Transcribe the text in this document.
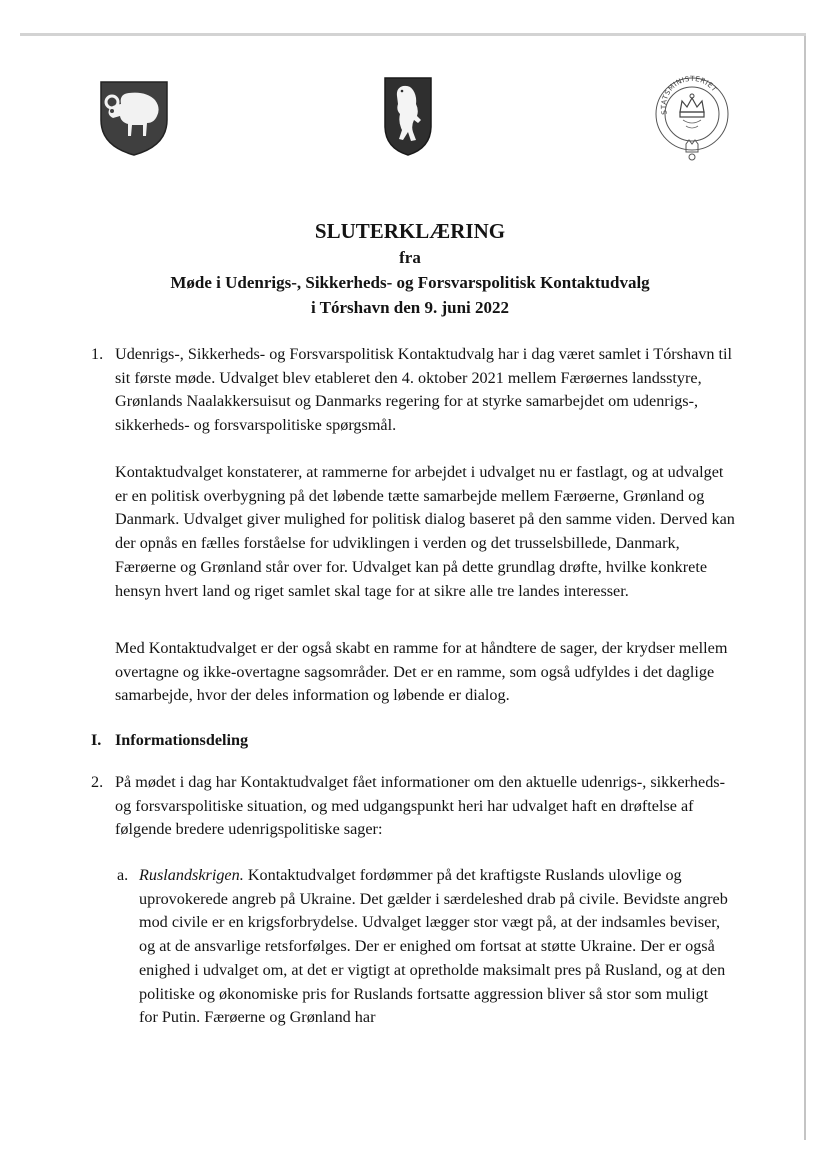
STATSMINISTERIET
SLUTERKLÆRING
fra
Møde i Udenrigs-, Sikkerheds- og Forsvarspolitisk Kontaktudvalg
i Tórshavn den 9. juni 2022
1. Udenrigs-, Sikkerheds- og Forsvarspolitisk Kontaktudvalg har i dag været samlet i Tórshavn til sit første møde. Udvalget blev etableret den 4. oktober 2021 mellem Færøernes landsstyre, Grønlands Naalakkersuisut og Danmarks regering for at styrke samarbejdet om udenrigs-, sikkerheds- og forsvarspolitiske spørgsmål.

Kontaktudvalget konstaterer, at rammerne for arbejdet i udvalget nu er fastlagt, og at udvalget er en politisk overbygning på det løbende tætte samarbejde mellem Færøerne, Grønland og Danmark. Udvalget giver mulighed for politisk dialog baseret på den samme viden. Derved kan der opnås en fælles forståelse for udviklingen i verden og det trusselsbillede, Danmark, Færøerne og Grønland står over for. Udvalget kan på dette grundlag drøfte, hvilke konkrete hensyn hvert land og riget samlet skal tage for at sikre alle tre landes interesser.

Med Kontaktudvalget er der også skabt en ramme for at håndtere de sager, der krydser mellem overtagne og ikke-overtagne sagsområder. Det er en ramme, som også udfyldes i det daglige samarbejde, hvor der deles information og løbende er dialog.

I. Informationsdeling
2. På mødet i dag har Kontaktudvalget fået informationer om den aktuelle udenrigs-, sikkerheds- og forsvarspolitiske situation, og med udgangspunkt heri har udvalget haft en drøftelse af følgende bredere udenrigspolitiske sager:

a. Ruslandskrigen. Kontaktudvalget fordømmer på det kraftigste Ruslands ulovlige og uprovokerede angreb på Ukraine. Det gælder i særdeleshed drab på civile. Bevidste angreb mod civile er en krigsforbrydelse. Udvalget lægger stor vægt på, at der indsamles beviser, og at de ansvarlige retsforfølges. Der er enighed om fortsat at støtte Ukraine. Der er også enighed i udvalget om, at det er vigtigt at opretholde maksimalt pres på Rusland, og at den politiske og økonomiske pris for Ruslands fortsatte aggression bliver så stor som muligt for Putin. Færøerne og Grønland har
